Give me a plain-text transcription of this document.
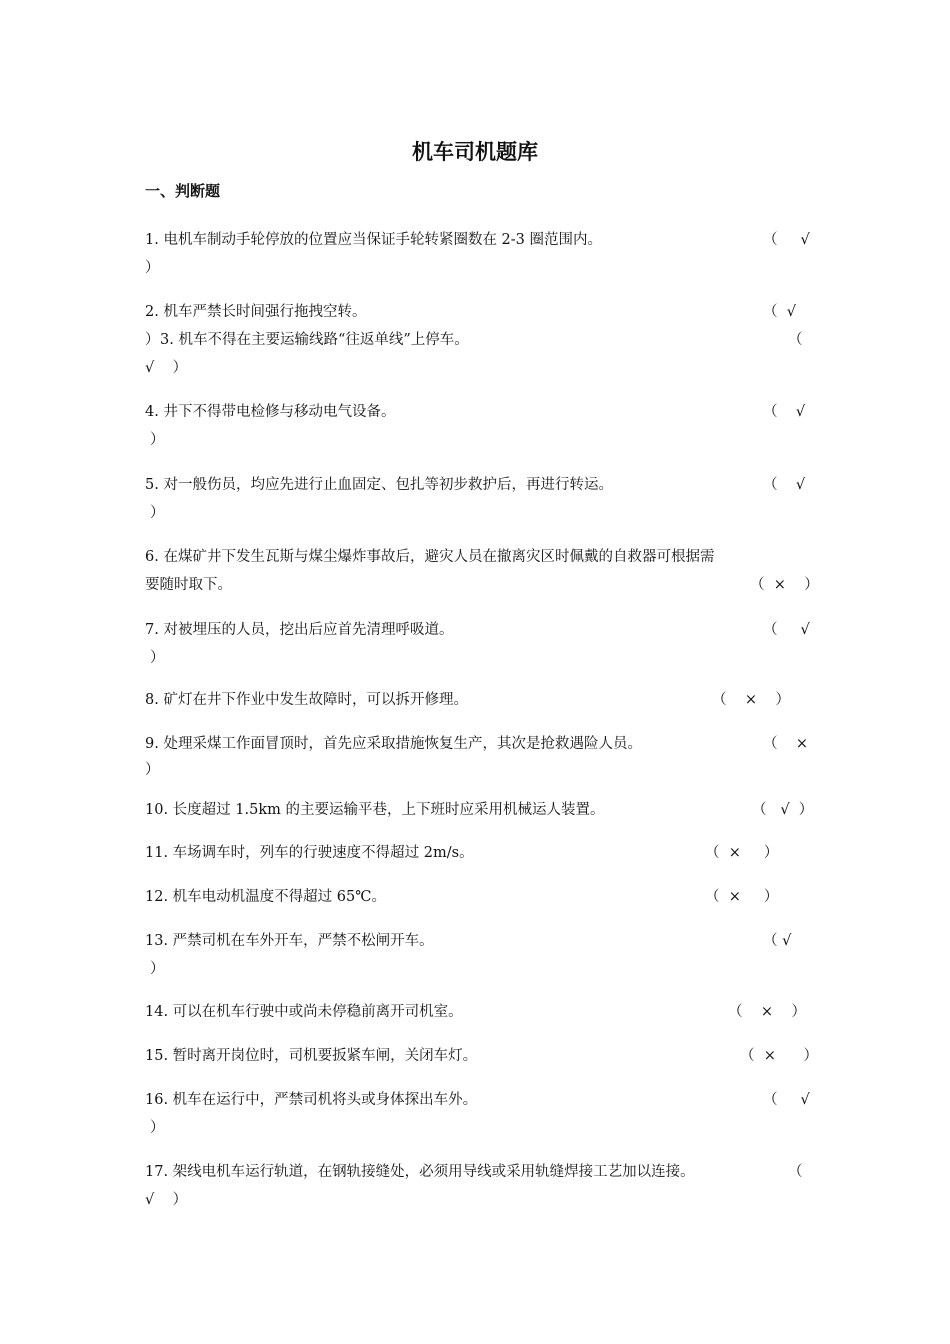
机车司机题库
一、判断题
1. 电机车制动手轮停放的位置应当保证手轮转紧圈数在 2-3 圈范围内。	（     √
）
2. 机车严禁长时间强行拖拽空转。	（  √
） 3. 机车不得在主要运输线路“往返单线”上停车。	（
√    ）
4. 井下不得带电检修与移动电气设备。	（    √
）
5. 对一般伤员，均应先进行止血固定、包扎等初步救护后，再进行转运。	（    √
）
6. 在煤矿井下发生瓦斯与煤尘爆炸事故后，避灾人员在撤离灾区时佩戴的自救器可根据需
要随时取下。	（  ×    ）
7. 对被埋压的人员，挖出后应首先清理呼吸道。	（     √
）
8. 矿灯在井下作业中发生故障时，可以拆开修理。	（    ×    ）
9. 处理采煤工作面冒顶时，首先应采取措施恢复生产，其次是抢救遇险人员。	（    ×
）
10. 长度超过 1.5km 的主要运输平巷，上下班时应采用机械运人装置。	（   √  ）
11. 车场调车时，列车的行驶速度不得超过 2m/s。	（  ×     ）
12. 机车电动机温度不得超过 65℃。	（  ×     ）
13. 严禁司机在车外开车，严禁不松闸开车。	（ √
）
14. 可以在机车行驶中或尚未停稳前离开司机室。	（    ×    ）
15. 暂时离开岗位时，司机要扳紧车闸，关闭车灯。	（  ×      ）
16. 机车在运行中，严禁司机将头或身体探出车外。	（     √
）
17. 架线电机车运行轨道，在钢轨接缝处，必须用导线或采用轨缝焊接工艺加以连接。	（
√    ）
